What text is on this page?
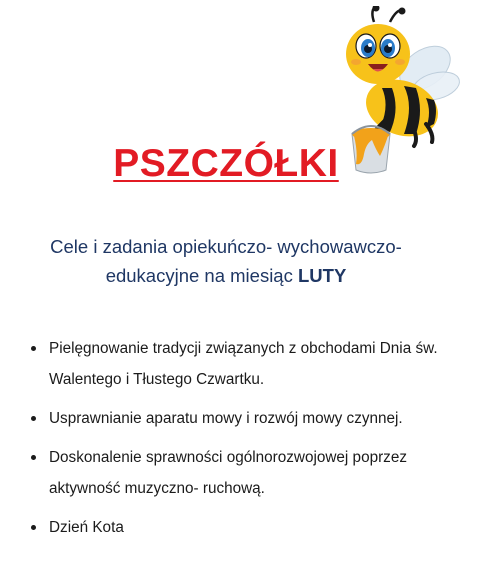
PSZCZÓŁKI

Cele i zadania opiekuńczo- wychowawczo-
edukacyjne na miesiąc LUTY

Pielęgnowanie tradycji związanych z obchodami Dnia św.
Walentego i Tłustego Czwartku.
Usprawnianie aparatu mowy i rozwój mowy czynnej.
Doskonalenie sprawności ogólnorozwojowej poprzez
aktywność muzyczno- ruchową.
Dzień Kota
